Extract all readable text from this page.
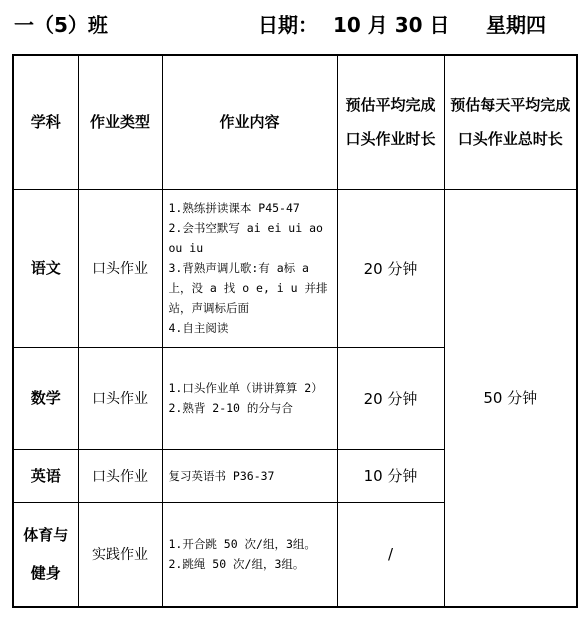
一（5）班	日期： 10 月 30 日 星期四
学科	作业类型	作业内容	预估平均完成口头作业时长	预估每天平均完成口头作业总时长
语文	口头作业	1.熟练拼读课本 P45-47
2.会书空默写 ai ei ui ao ou iu
3.背熟声调儿歌:有 a标 a上，没 a 找 o e, i u 并排站，声调标后面
4.自主阅读	20 分钟	50 分钟
数学	口头作业	1.口头作业单（讲讲算算 2）
2.熟背 2-10 的分与合	20 分钟	
英语	口头作业	复习英语书 P36-37	10 分钟	
体育与健身	实践作业	1.开合跳 50 次/组，3组。
2.跳绳 50 次/组，3组。	/	
